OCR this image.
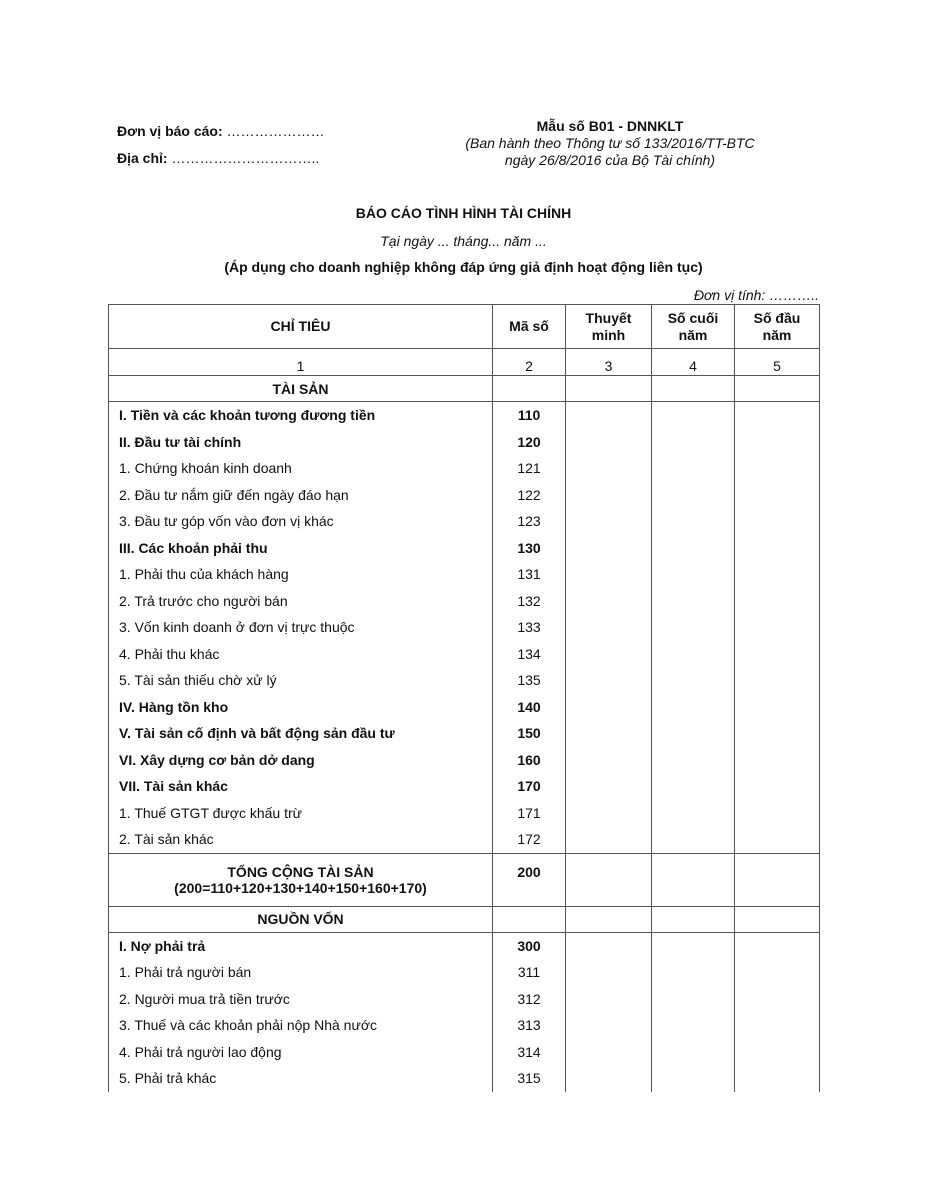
Đơn vị báo cáo: …………………
Địa chỉ: …………………………..
Mẫu số B01 - DNNKLT
(Ban hành theo Thông tư số 133/2016/TT-BTC
ngày 26/8/2016 của Bộ Tài chính)
BÁO CÁO TÌNH HÌNH TÀI CHÍNH
Tại ngày ... tháng... năm ...
(Áp dụng cho doanh nghiệp không đáp ứng giả định hoạt động liên tục)
Đơn vị tính: ………..
CHỈ TIÊU	Mã số	Thuyết minh	Số cuối năm	Số đầu năm
1	2	3	4	5
TÀI SẢN				
I. Tiền và các khoản tương đương tiền	110			
II. Đầu tư tài chính	120			
1. Chứng khoán kinh doanh	121			
2. Đầu tư nắm giữ đến ngày đáo hạn	122			
3. Đầu tư góp vốn vào đơn vị khác	123			
III. Các khoản phải thu	130			
1. Phải thu của khách hàng	131			
2. Trả trước cho người bán	132			
3. Vốn kinh doanh ở đơn vị trực thuộc	133			
4. Phải thu khác	134			
5. Tài sản thiếu chờ xử lý	135			
IV. Hàng tồn kho	140			
V. Tài sản cố định và bất động sản đầu tư	150			
VI. Xây dựng cơ bản dở dang	160			
VII. Tài sản khác	170			
1. Thuế GTGT được khấu trừ	171			
2. Tài sản khác	172			
TỔNG CỘNG TÀI SẢN
(200=110+120+130+140+150+160+170)	200			
NGUỒN VỐN				
I. Nợ phải trả	300			
1. Phải trả người bán	311			
2. Người mua trả tiền trước	312			
3. Thuế và các khoản phải nộp Nhà nước	313			
4. Phải trả người lao động	314			
5. Phải trả khác	315			
